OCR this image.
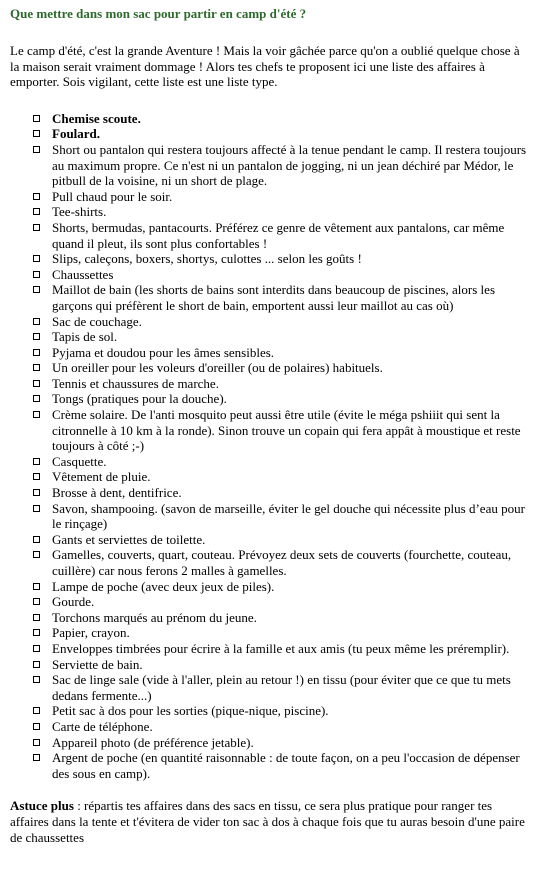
Que mettre dans mon sac pour partir en camp d'été ?

Le camp d'été, c'est la grande Aventure ! Mais la voir gâchée parce qu'on a oublié quelque chose à la maison serait vraiment dommage ! Alors tes chefs te proposent ici une liste des affaires à emporter. Sois vigilant, cette liste est une liste type.

Chemise scoute.
Foulard.
Short ou pantalon qui restera toujours affecté à la tenue pendant le camp. Il restera toujours au maximum propre. Ce n'est ni un pantalon de jogging, ni un jean déchiré par Médor, le pitbull de la voisine, ni un short de plage.
Pull chaud pour le soir.
Tee-shirts.
Shorts, bermudas, pantacourts. Préférez ce genre de vêtement aux pantalons, car même quand il pleut, ils sont plus confortables !
Slips, caleçons, boxers, shortys, culottes ... selon les goûts !
Chaussettes
Maillot de bain (les shorts de bains sont interdits dans beaucoup de piscines, alors les garçons qui préfèrent le short de bain, emportent aussi leur maillot au cas où)
Sac de couchage.
Tapis de sol.
Pyjama et doudou pour les âmes sensibles.
Un oreiller pour les voleurs d'oreiller (ou de polaires) habituels.
Tennis et chaussures de marche.
Tongs (pratiques pour la douche).
Crème solaire. De l'anti mosquito peut aussi être utile (évite le méga pshiiit qui sent la citronnelle à 10 km à la ronde). Sinon trouve un copain qui fera appât à moustique et reste toujours à côté ;-)
Casquette.
Vêtement de pluie.
Brosse à dent, dentifrice.
Savon, shampooing. (savon de marseille, éviter le gel douche qui nécessite plus d’eau pour le rinçage)
Gants et serviettes de toilette.
Gamelles, couverts, quart, couteau. Prévoyez deux sets de couverts (fourchette, couteau, cuillère) car nous ferons 2 malles à gamelles.
Lampe de poche (avec deux jeux de piles).
Gourde.
Torchons marqués au prénom du jeune.
Papier, crayon.
Enveloppes timbrées pour écrire à la famille et aux amis (tu peux même les préremplir).
Serviette de bain.
Sac de linge sale (vide à l'aller, plein au retour !) en tissu (pour éviter que ce que tu mets dedans fermente...)
Petit sac à dos pour les sorties (pique-nique, piscine).
Carte de téléphone.
Appareil photo (de préférence jetable).
Argent de poche (en quantité raisonnable : de toute façon, on a peu l'occasion de dépenser des sous en camp).

Astuce plus : répartis tes affaires dans des sacs en tissu, ce sera plus pratique pour ranger tes affaires dans la tente et t'évitera de vider ton sac à dos à chaque fois que tu auras besoin d'une paire de chaussettes
